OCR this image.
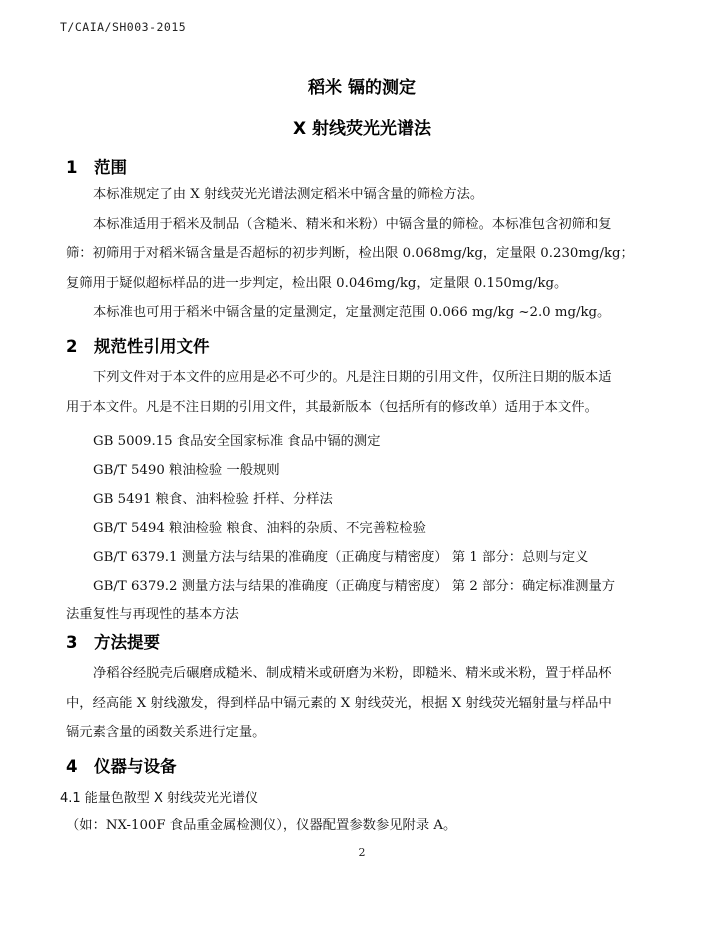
T/CAIA/SH003-2015
稻米 镉的测定
X 射线荧光光谱法
1 范围
本标准规定了由 X 射线荧光光谱法测定稻米中镉含量的筛检方法。
本标准适用于稻米及制品（含糙米、精米和米粉）中镉含量的筛检。本标准包含初筛和复
筛：初筛用于对稻米镉含量是否超标的初步判断，检出限 0.068mg/kg，定量限 0.230mg/kg；
复筛用于疑似超标样品的进一步判定，检出限 0.046mg/kg，定量限 0.150mg/kg。
本标准也可用于稻米中镉含量的定量测定，定量测定范围 0.066 mg/kg ~2.0 mg/kg。
2 规范性引用文件
下列文件对于本文件的应用是必不可少的。凡是注日期的引用文件，仅所注日期的版本适
用于本文件。凡是不注日期的引用文件，其最新版本（包括所有的修改单）适用于本文件。
GB 5009.15 食品安全国家标准 食品中镉的测定
GB/T 5490 粮油检验 一般规则
GB 5491 粮食、油料检验 扦样、分样法
GB/T 5494 粮油检验 粮食、油料的杂质、不完善粒检验
GB/T 6379.1 测量方法与结果的准确度（正确度与精密度） 第 1 部分：总则与定义
GB/T 6379.2 测量方法与结果的准确度（正确度与精密度） 第 2 部分：确定标准测量方
法重复性与再现性的基本方法
3 方法提要
净稻谷经脱壳后碾磨成糙米、制成精米或研磨为米粉，即糙米、精米或米粉，置于样品杯
中，经高能 X 射线激发，得到样品中镉元素的 X 射线荧光，根据 X 射线荧光辐射量与样品中
镉元素含量的函数关系进行定量。
4 仪器与设备
4.1 能量色散型 X 射线荧光光谱仪
（如：NX-100F 食品重金属检测仪），仪器配置参数参见附录 A。
2
